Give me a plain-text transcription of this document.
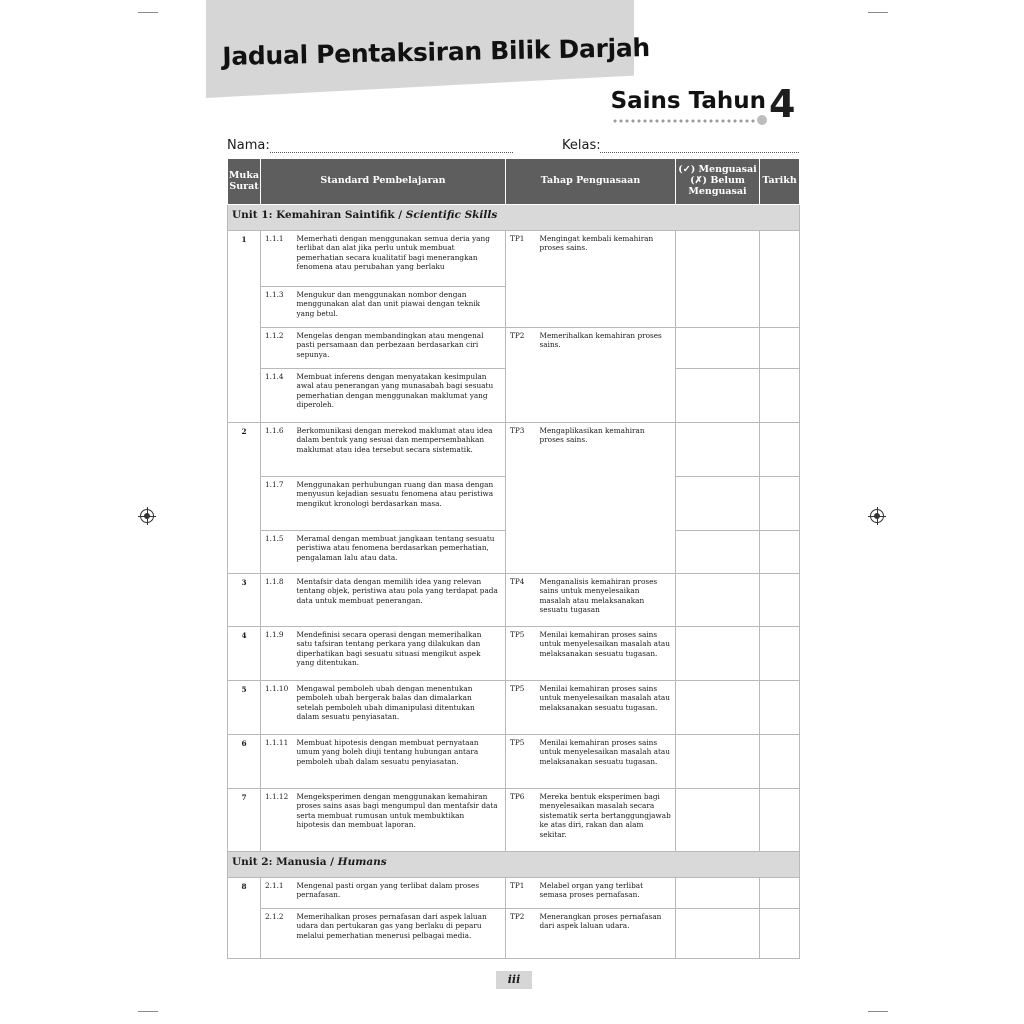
Jadual Pentaksiran Bilik Darjah
Sains Tahun 4
Nama:	Kelas:
Muka Surat	Standard Pembelajaran		Tahap Penguasaan		(✓) Menguasai (✗) Belum Menguasai	Tarikh
Unit 1: Kemahiran Saintifik / Scientific Skills						
1	1.1.1	Memerhati dengan menggunakan semua deria yang terlibat dan alat jika perlu untuk membuat pemerhatian secara kualitatif bagi menerangkan fenomena atau perubahan yang berlaku	TP1	Mengingat kembali kemahiran proses sains.		
	1.1.3	Mengukur dan menggunakan nombor dengan menggunakan alat dan unit piawai dengan teknik yang betul.				
	1.1.2	Mengelas dengan membandingkan atau mengenal pasti persamaan dan perbezaan berdasarkan ciri sepunya.	TP2	Memerihalkan kemahiran proses sains.		
	1.1.4	Membuat inferens dengan menyatakan kesimpulan awal atau penerangan yang munasabah bagi sesuatu pemerhatian dengan menggunakan maklumat yang diperoleh.				
2	1.1.6	Berkomunikasi dengan merekod maklumat atau idea dalam bentuk yang sesuai dan mempersembahkan maklumat atau idea tersebut secara sistematik.	TP3	Mengaplikasikan kemahiran proses sains.		
	1.1.7	Menggunakan perhubungan ruang dan masa dengan menyusun kejadian sesuatu fenomena atau peristiwa mengikut kronologi berdasarkan masa.				
	1.1.5	Meramal dengan membuat jangkaan tentang sesuatu peristiwa atau fenomena berdasarkan pemerhatian, pengalaman lalu atau data.				
3	1.1.8	Mentafsir data dengan memilih idea yang relevan tentang objek, peristiwa atau pola yang terdapat pada data untuk membuat penerangan.	TP4	Menganalisis kemahiran proses sains untuk menyelesaikan masalah atau melaksanakan sesuatu tugasan		
4	1.1.9	Mendefinisi secara operasi dengan memerihalkan satu tafsiran tentang perkara yang dilakukan dan diperhatikan bagi sesuatu situasi mengikut aspek yang ditentukan.	TP5	Menilai kemahiran proses sains untuk menyelesaikan masalah atau melaksanakan sesuatu tugasan.		
5	1.1.10	Mengawal pemboleh ubah dengan menentukan pemboleh ubah bergerak balas dan dimalarkan setelah pemboleh ubah dimanipulasi ditentukan dalam sesuatu penyiasatan.	TP5	Menilai kemahiran proses sains untuk menyelesaikan masalah atau melaksanakan sesuatu tugasan.		
6	1.1.11	Membuat hipotesis dengan membuat pernyataan umum yang boleh diuji tentang hubungan antara pemboleh ubah dalam sesuatu penyiasatan.	TP5	Menilai kemahiran proses sains untuk menyelesaikan masalah atau melaksanakan sesuatu tugasan.		
7	1.1.12	Mengeksperimen dengan menggunakan kemahiran proses sains asas bagi mengumpul dan mentafsir data serta membuat rumusan untuk membuktikan hipotesis dan membuat laporan.	TP6	Mereka bentuk eksperimen bagi menyelesaikan masalah secara sistematik serta bertanggungjawab ke atas diri, rakan dan alam sekitar.		
Unit 2: Manusia / Humans						
8	2.1.1	Mengenal pasti organ yang terlibat dalam proses pernafasan.	TP1	Melabel organ yang terlibat semasa proses pernafasan.		
	2.1.2	Memerihalkan proses pernafasan dari aspek laluan udara dan pertukaran gas yang berlaku di peparu melalui pemerhatian menerusi pelbagai media.	TP2	Menerangkan proses pernafasan dari aspek laluan udara.		
iii
